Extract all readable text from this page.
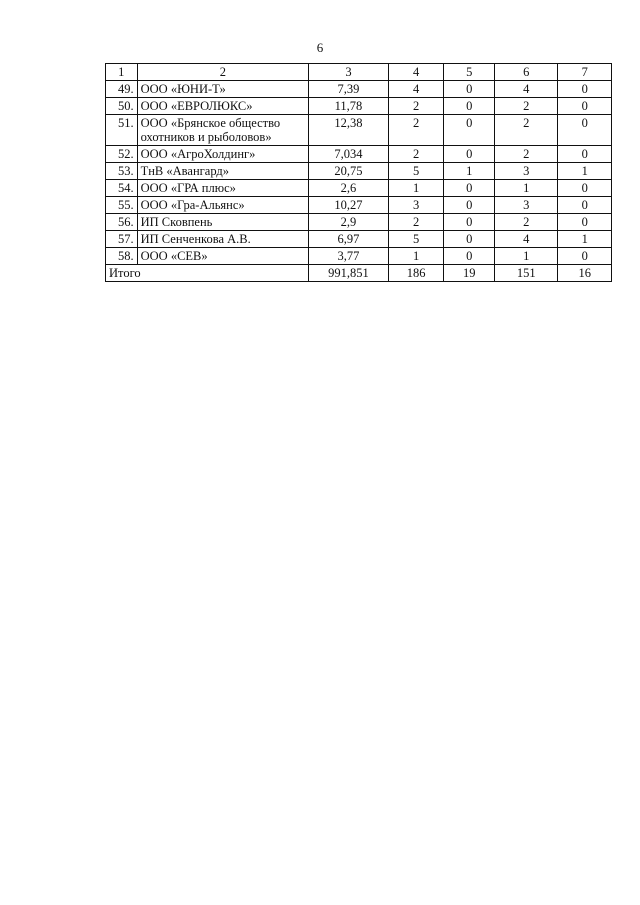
6
1	2	3	4	5	6	7
49.	ООО «ЮНИ-Т»	7,39	4	0	4	0
50.	ООО «ЕВРОЛЮКС»	11,78	2	0	2	0
51.	ООО «Брянское общество охотников и рыболовов»	12,38	2	0	2	0
52.	ООО «АгроХолдинг»	7,034	2	0	2	0
53.	ТнВ «Авангард»	20,75	5	1	3	1
54.	ООО «ГРА плюс»	2,6	1	0	1	0
55.	ООО «Гра-Альянс»	10,27	3	0	3	0
56.	ИП Сковпень	2,9	2	0	2	0
57.	ИП Сенченкова А.В.	6,97	5	0	4	1
58.	ООО «СЕВ»	3,77	1	0	1	0
Итого		991,851	186	19	151	16
